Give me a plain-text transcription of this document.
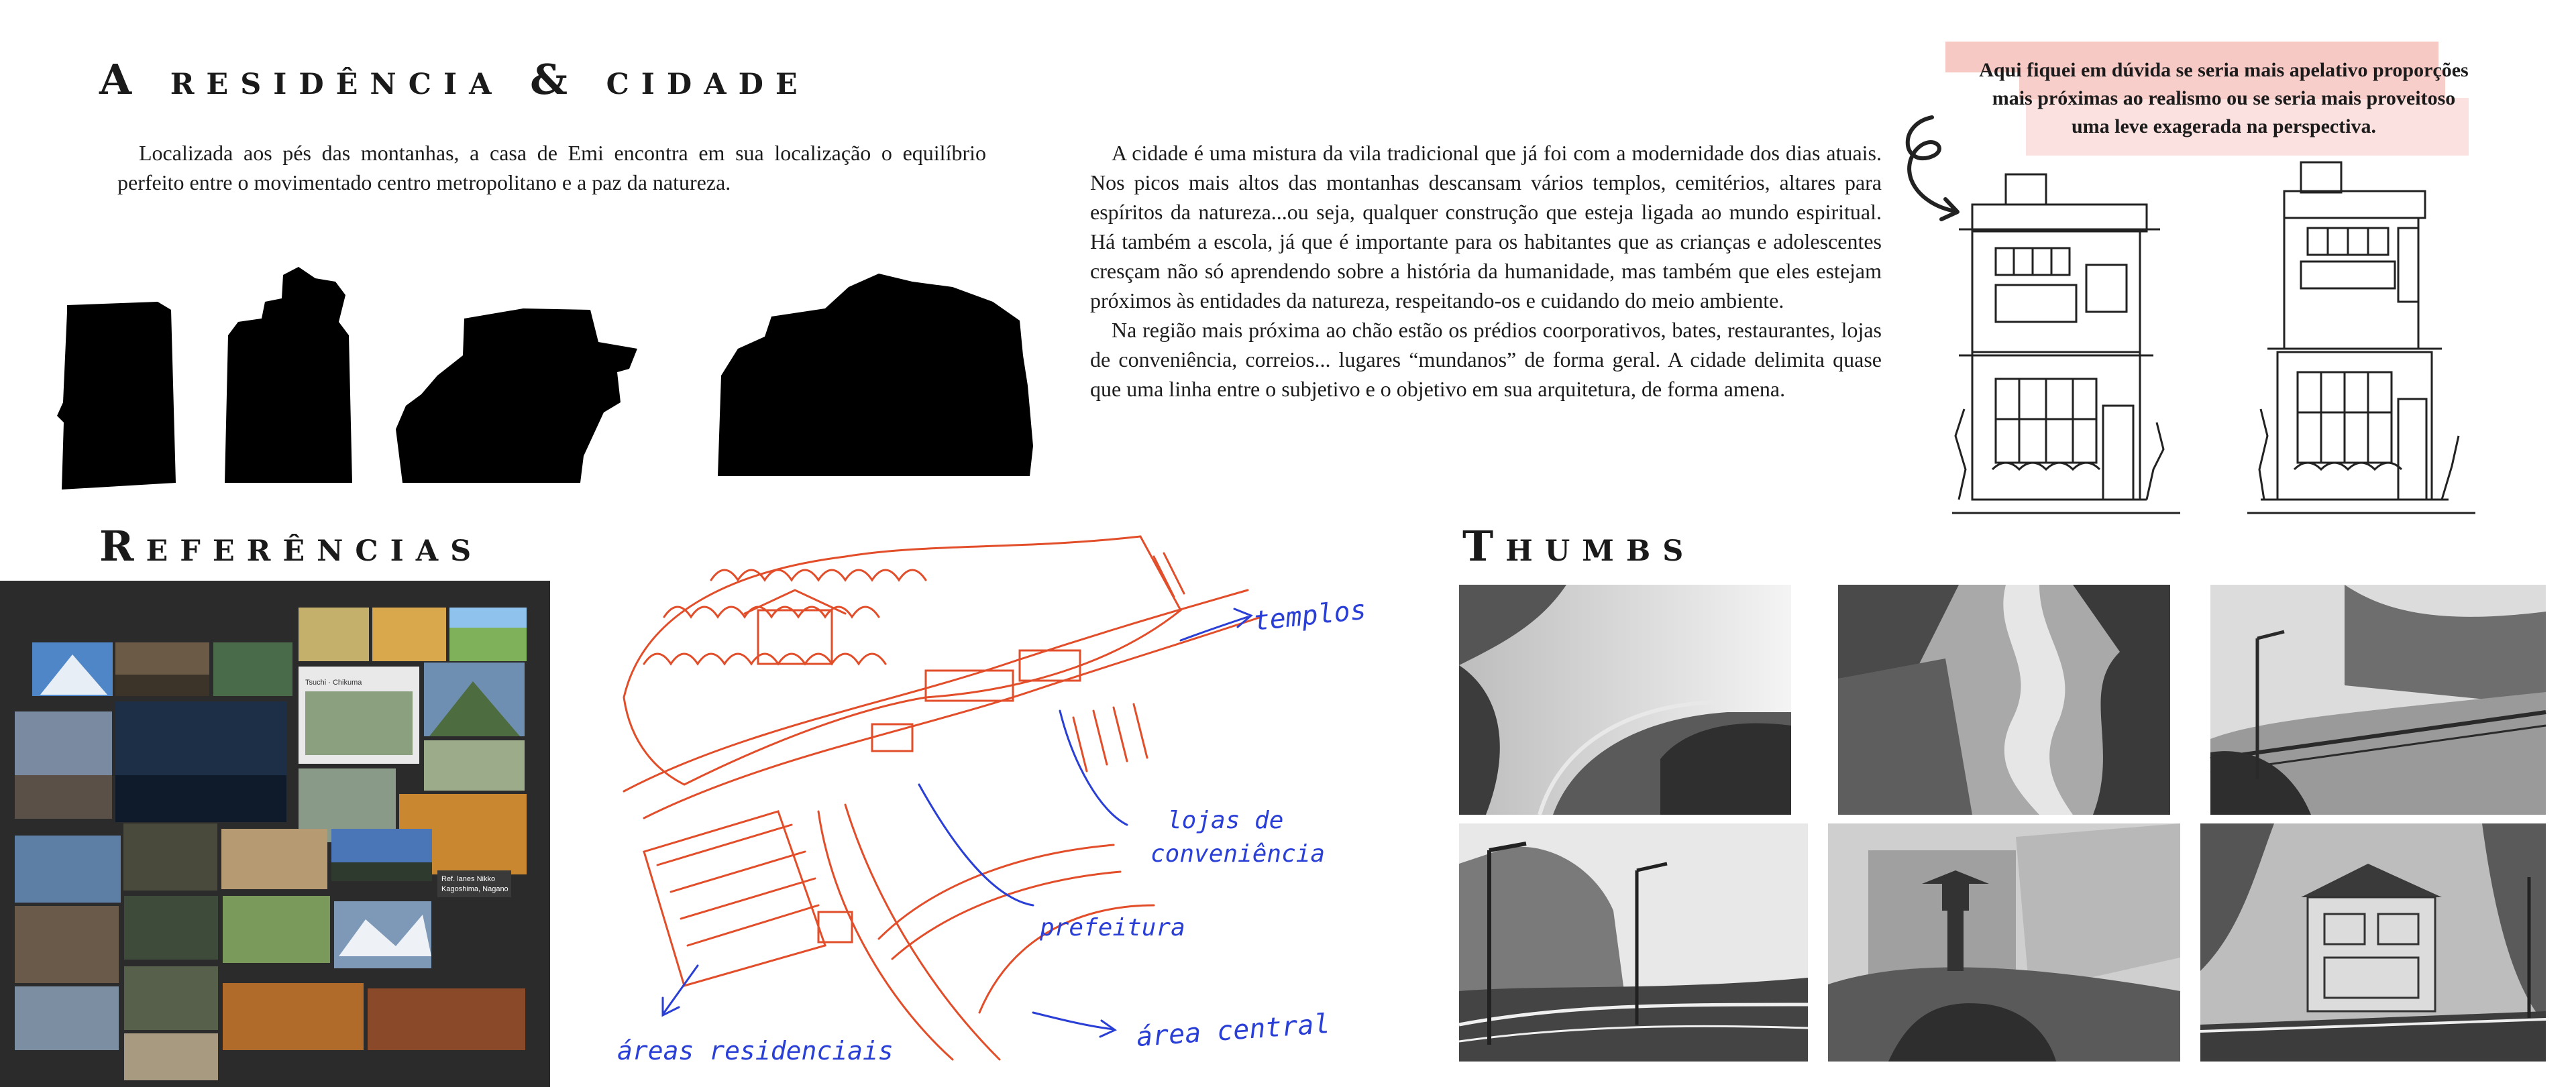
A residência & cidade
Referências	Thumbs

Localizada aos pés das montanhas, a casa de Emi encontra em sua localização o equilíbrio perfeito entre o movimentado centro metropolitano e a paz da natureza.

A cidade é uma mistura da vila tradicional que já foi com a modernidade dos dias atuais. Nos picos mais altos das montanhas descansam vários templos, cemitérios, altares para espíritos da natureza...ou seja, qualquer construção que esteja ligada ao mundo espiritual. Há também a escola, já que é importante para os habitantes que as crianças e adolescentes cresçam não só aprendendo sobre a história da humanidade, mas também que eles estejam próximos às entidades da natureza, respeitando-os e cuidando do meio ambiente.

Na região mais próxima ao chão estão os prédios coorporativos, bates, restaurantes, lojas de conveniência, correios... lugares “mundanos” de forma geral. A cidade delimita quase que uma linha entre o subjetivo e o objetivo em sua arquitetura, de forma amena.

Aqui fiquei em dúvida se seria mais apelativo proporções mais próximas ao realismo ou se seria mais proveitoso uma leve exagerada na perspectiva.
Tsuchi · Chikuma
Ref. lanes Nikko
Kagoshima, Nagano
templos
lojas de
conveniência
prefeitura
áreas residenciais	área central
